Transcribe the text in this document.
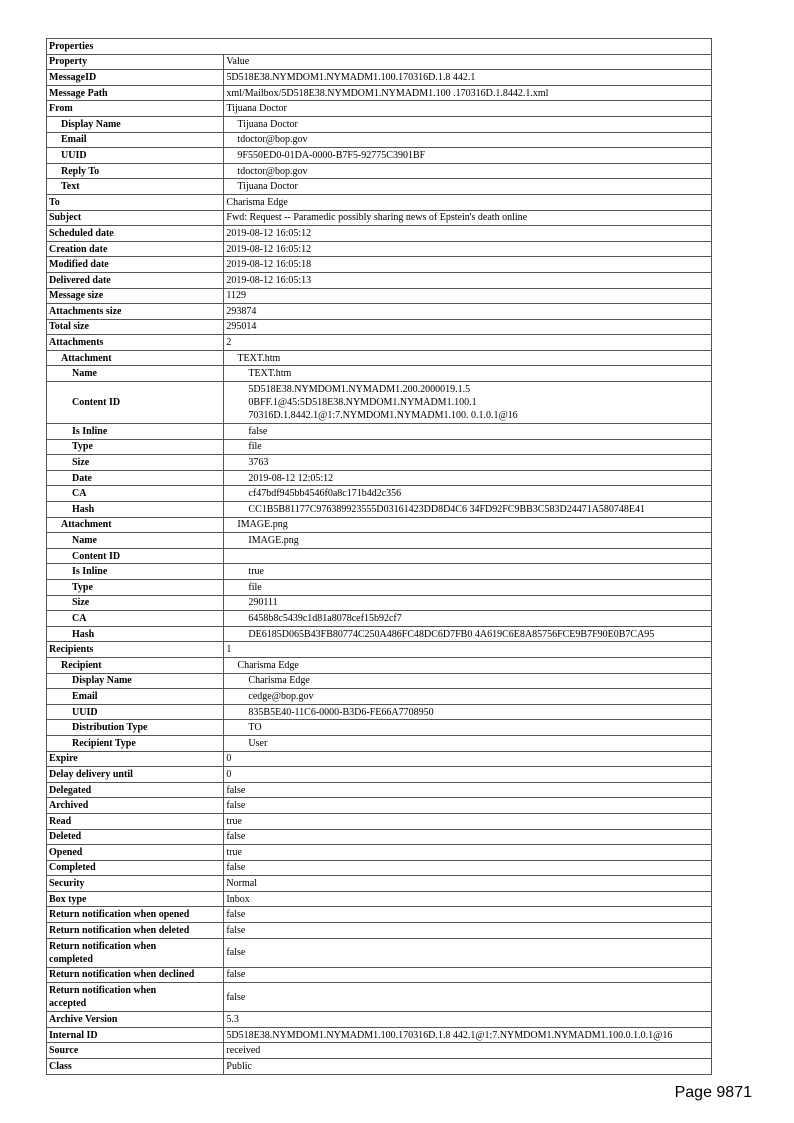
Properties	
Property	Value
MessageID	5D518E38.NYMDOM1.NYMADM1.100.170316D.1.8 442.1
Message Path	xml/Mailbox/5D518E38.NYMDOM1.NYMADM1.100 .170316D.1.8442.1.xml
From	Tijuana Doctor
Display Name	Tijuana Doctor
Email	tdoctor@bop.gov
UUID	9F550ED0-01DA-0000-B7F5-92775C3901BF
Reply To	tdoctor@bop.gov
Text	Tijuana Doctor
To	Charisma Edge
Subject	Fwd: Request -- Paramedic possibly sharing news of Epstein's death online
Scheduled date	2019-08-12 16:05:12
Creation date	2019-08-12 16:05:12
Modified date	2019-08-12 16:05:18
Delivered date	2019-08-12 16:05:13
Message size	1129
Attachments size	293874
Total size	295014
Attachments	2
Attachment	TEXT.htm
Name	TEXT.htm
Content ID	5D518E38.NYMDOM1.NYMADM1.200.2000019.1.5
0BFF.1@45:5D518E38.NYMDOM1.NYMADM1.100.1
70316D.1.8442.1@1:7.NYMDOM1.NYMADM1.100. 0.1.0.1@16
Is Inline	false
Type	file
Size	3763
Date	2019-08-12 12:05:12
CA	cf47bdf945bb4546f0a8c171b4d2c356
Hash	CC1B5B81177C976389923555D03161423DD8D4C6 34FD92FC9BB3C583D24471A580748E41
Attachment	IMAGE.png
Name	IMAGE.png
Content ID	
Is Inline	true
Type	file
Size	290111
CA	6458b8c5439c1d81a8078cef15b92cf7
Hash	DE6185D065B43FB80774C250A486FC48DC6D7FB0 4A619C6E8A85756FCE9B7F90E0B7CA95
Recipients	1
Recipient	Charisma Edge
Display Name	Charisma Edge
Email	cedge@bop.gov
UUID	835B5E40-11C6-0000-B3D6-FE66A7708950
Distribution Type	TO
Recipient Type	User
Expire	0
Delay delivery until	0
Delegated	false
Archived	false
Read	true
Deleted	false
Opened	true
Completed	false
Security	Normal
Box type	Inbox
Return notification when opened	false
Return notification when deleted	false
Return notification when
completed	false
Return notification when declined	false
Return notification when
accepted	false
Archive Version	5.3
Internal ID	5D518E38.NYMDOM1.NYMADM1.100.170316D.1.8 442.1@1:7.NYMDOM1.NYMADM1.100.0.1.0.1@16
Source	received
Class	Public
Page 9871
